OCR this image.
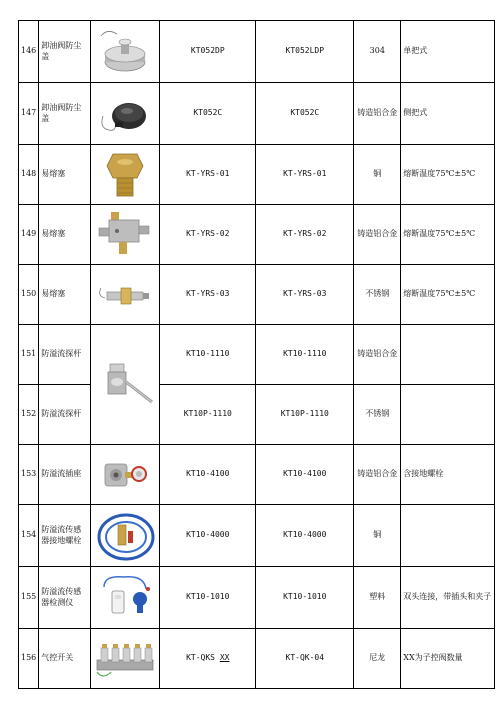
146	卸油阀防尘盖		KT052DP	KT052LDP	304	单把式
147	卸油阀防尘盖		KT052C	KT052C	铸造铝合金	侧把式
148	易熔塞		KT-YRS-01	KT-YRS-01	铜	熔断温度75℃±5℃
149	易熔塞		KT-YRS-02	KT-YRS-02	铸造铝合金	熔断温度75℃±5℃
150	易熔塞		KT-YRS-03	KT-YRS-03	不锈钢	熔断温度75℃±5℃
151	防溢流探杆		KT10-1110	KT10-1110	铸造铝合金	
152	防溢流探杆		KT10P-1110	KT10P-1110	不锈钢	
153	防溢流插座		KT10-4100	KT10-4100	铸造铝合金	含接地螺栓
154	防溢流传感器接地螺栓		KT10-4000	KT10-4000	铜	
155	防溢流传感器检测仪		KT10-1010	KT10-1010	塑料	双头连接，带插头和夹子
156	气控开关		KT-QKS XX	KT-QK-04	尼龙	XX为子控阀数量
